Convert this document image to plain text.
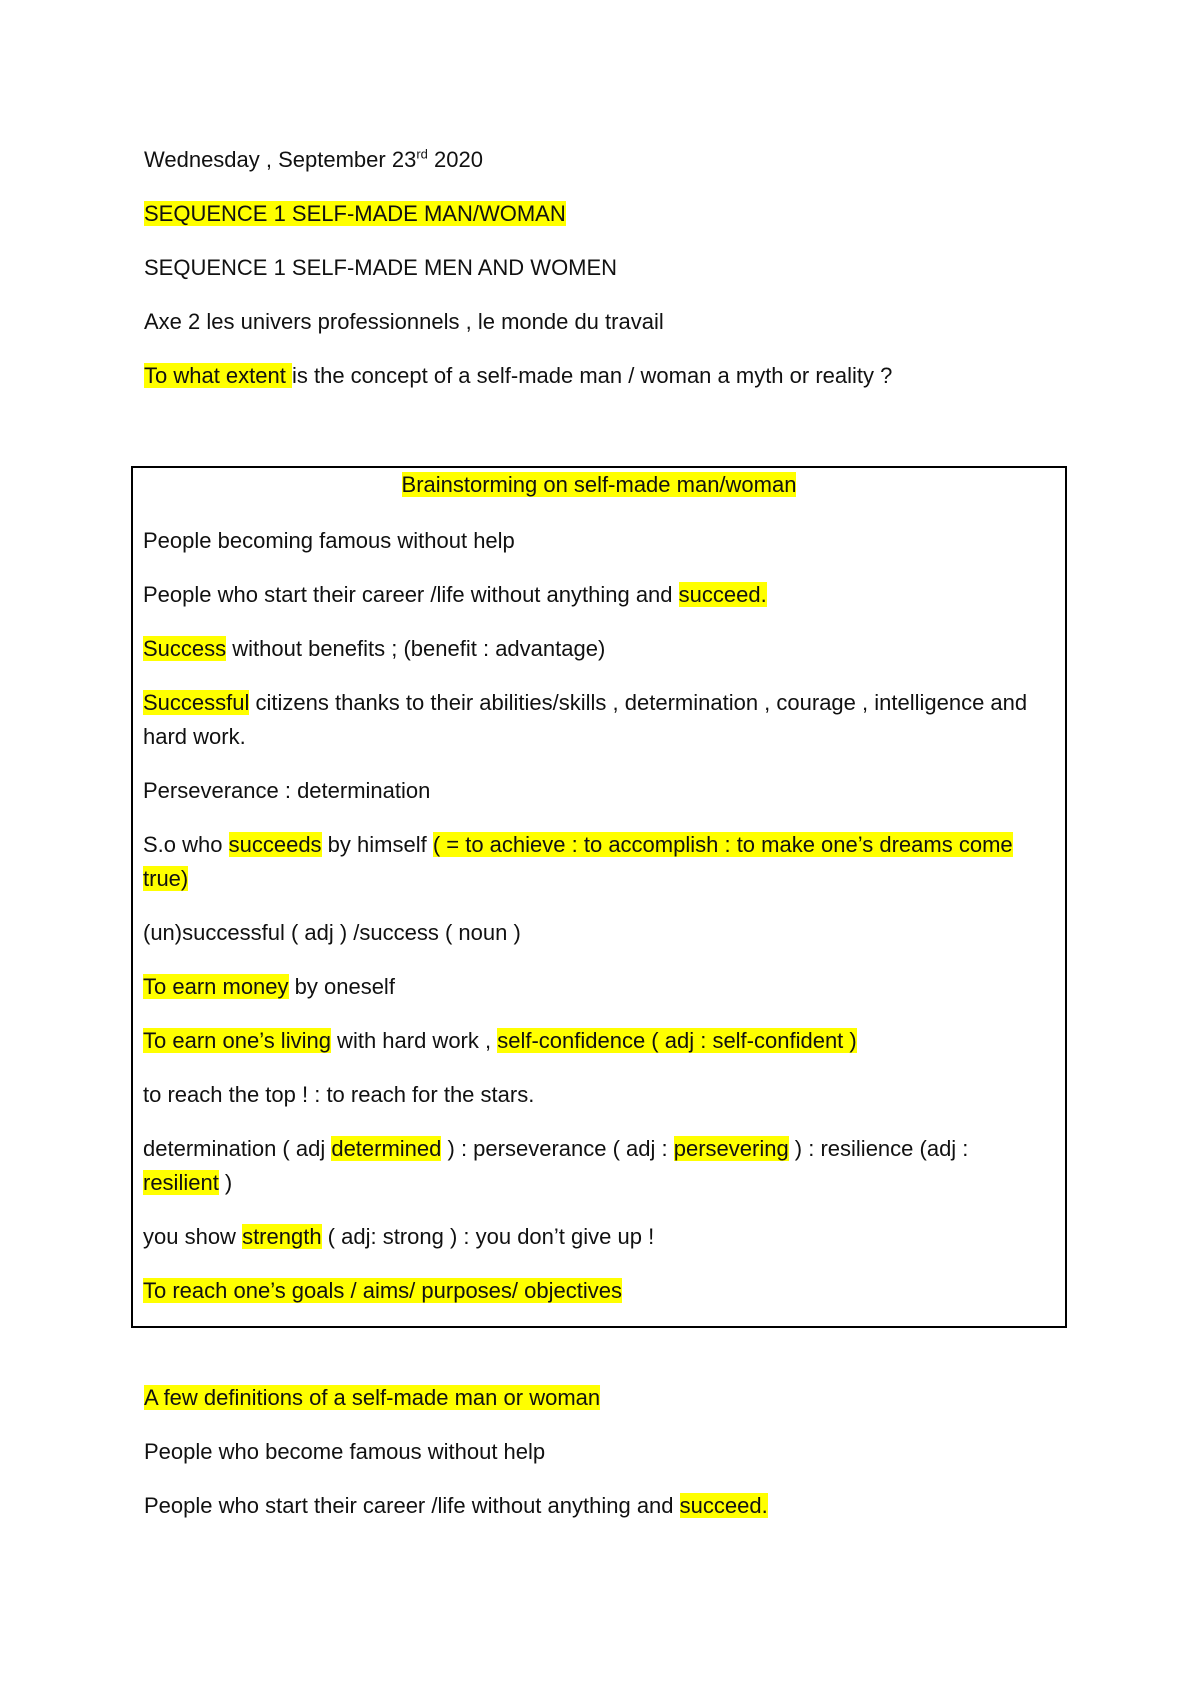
Wednesday , September 23rd 2020
SEQUENCE 1 SELF-MADE MAN/WOMAN
SEQUENCE 1 SELF-MADE MEN AND WOMEN
Axe 2 les univers professionnels , le monde du travail
To what extent is the concept of a self-made man / woman a myth or reality ?
Brainstorming on self-made man/woman
People becoming famous without help
People who start their career /life without anything and succeed.
Success without benefits ; (benefit : advantage)
Successful citizens thanks to their abilities/skills , determination , courage , intelligence and hard work.
Perseverance : determination
S.o who succeeds by himself ( = to achieve : to accomplish : to make one’s dreams come true)
(un)successful ( adj ) /success ( noun )
To earn money by oneself
To earn one’s living with hard work , self-confidence ( adj : self-confident )
to reach the top ! : to reach for the stars.
determination ( adj determined ) : perseverance ( adj : persevering ) : resilience (adj : resilient )
you show strength ( adj: strong ) : you don’t give up !
To reach one’s goals / aims/ purposes/ objectives
A few definitions of a self-made man or woman
People who become famous without help
People who start their career /life without anything and succeed.
